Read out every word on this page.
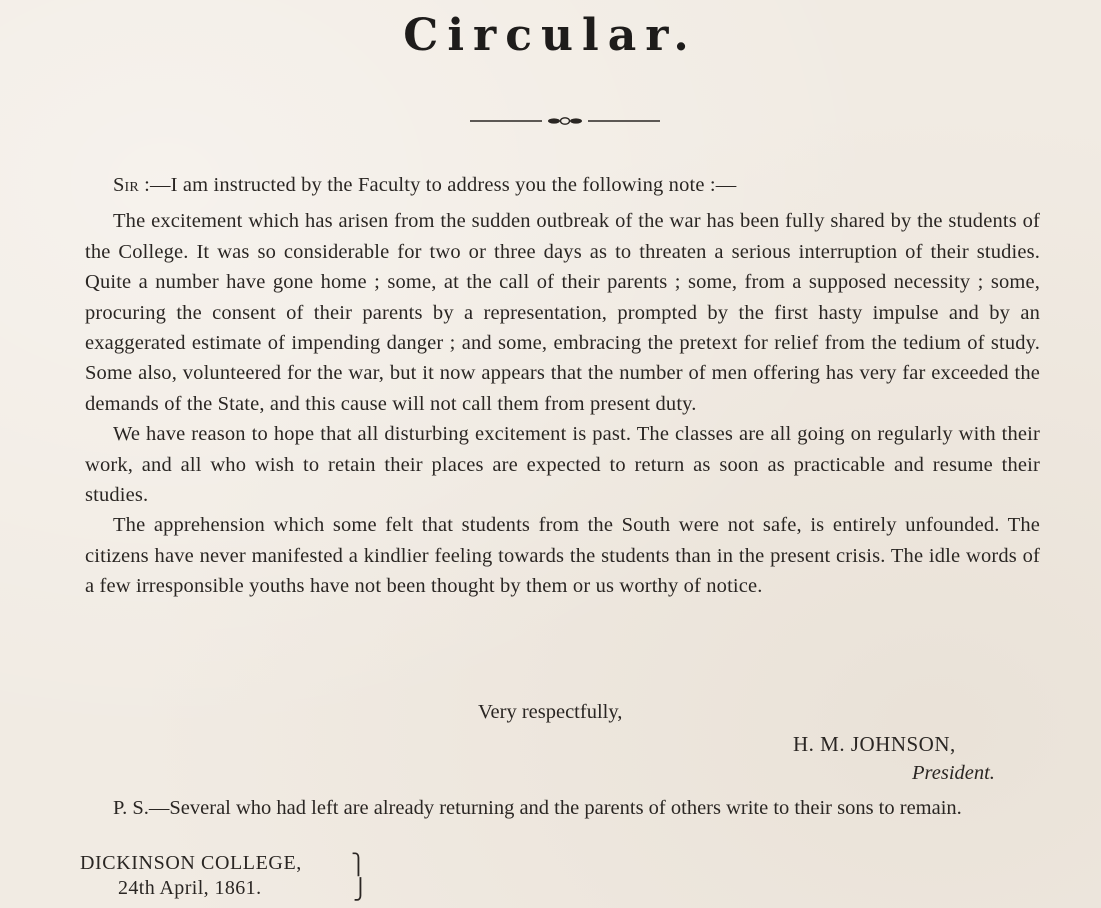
Circular.

Sir :—I am instructed by the Faculty to address you the following note :—

The excitement which has arisen from the sudden outbreak of the war has been fully shared by the students of the College. It was so considerable for two or three days as to threaten a serious interruption of their studies. Quite a number have gone home ; some, at the call of their parents ; some, from a supposed necessity ; some, procuring the consent of their parents by a representation, prompted by the first hasty impulse and by an exaggerated estimate of impending danger ; and some, embracing the pretext for relief from the tedium of study. Some also, volunteered for the war, but it now appears that the number of men offering has very far exceeded the demands of the State, and this cause will not call them from present duty.

We have reason to hope that all disturbing excitement is past. The classes are all going on regularly with their work, and all who wish to retain their places are expected to return as soon as practicable and resume their studies.

The apprehension which some felt that students from the South were not safe, is entirely unfounded. The citizens have never manifested a kindlier feeling towards the students than in the present crisis. The idle words of a few irresponsible youths have not been thought by them or us worthy of notice.

Very respectfully,
H. M. JOHNSON,
President.
P. S.—Several who had left are already returning and the parents of others write to their sons to remain.
DICKINSON COLLEGE,
24th April, 1861.
⎫
⎭
